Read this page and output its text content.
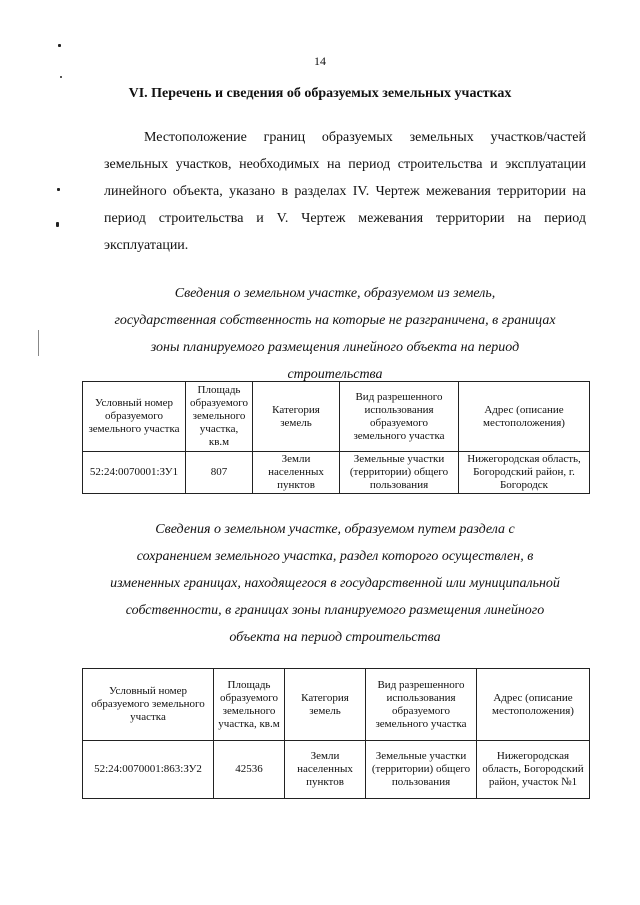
14
VI. Перечень и сведения об образуемых земельных участках
Местоположение границ образуемых земельных участков/частей
земельных участков, необходимых на период строительства и эксплуатации
линейного объекта, указано в разделах IV. Чертеж межевания территории на
период строительства и V. Чертеж межевания территории на период
эксплуатации.
Сведения о земельном участке, образуемом из земель,
государственная собственность на которые не разграничена, в границах
зоны планируемого размещения линейного объекта на период
строительства
Условный номер образуемого земельного участка	Площадь образуемого земельного участка, кв.м	Категория земель	Вид разрешенного использования образуемого земельного участка	Адрес (описание местоположения)
52:24:0070001:ЗУ1	807	Земли населенных пунктов	Земельные участки (территории) общего пользования	Нижегородская область, Богородский район, г. Богородск
Сведения о земельном участке, образуемом путем раздела с
сохранением земельного участка, раздел которого осуществлен, в
измененных границах, находящегося в государственной или муниципальной
собственности, в границах зоны планируемого размещения линейного
объекта на период строительства
Условный номер образуемого земельного участка	Площадь образуемого земельного участка, кв.м	Категория земель	Вид разрешенного использования образуемого земельного участка	Адрес (описание местоположения)
52:24:0070001:863:ЗУ2	42536	Земли населенных пунктов	Земельные участки (территории) общего пользования	Нижегородская область, Богородский район, участок №1
